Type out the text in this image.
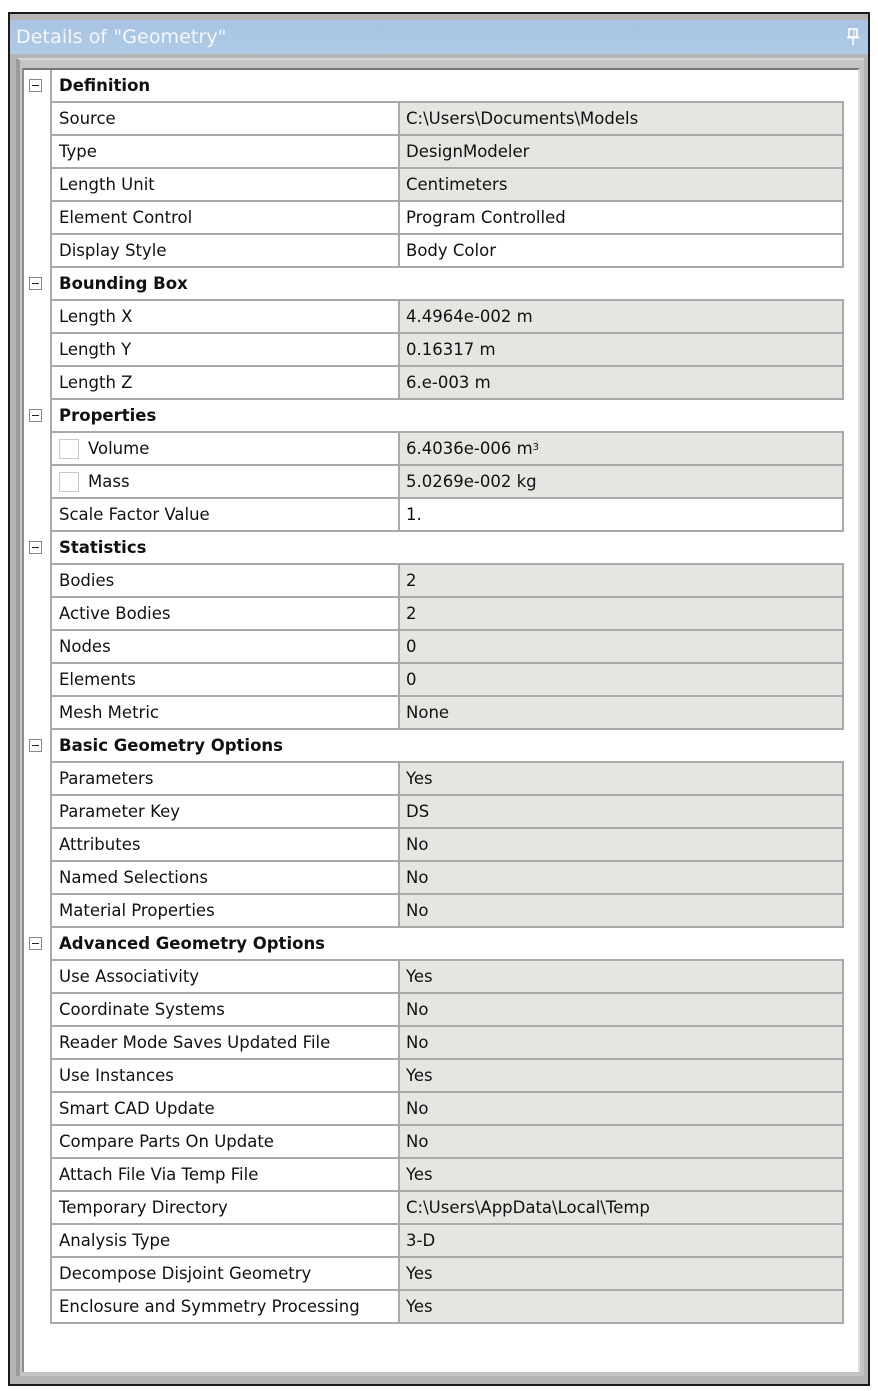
Details of "Geometry"
Definition
Source	C:\Users\Documents\Models
Type	DesignModeler
Length Unit	Centimeters
Element Control	Program Controlled
Display Style	Body Color
Bounding Box
Length X	4.4964e-002 m
Length Y	0.16317 m
Length Z	6.e-003 m
Properties
Volume	6.4036e-006 $m^3$
Mass	5.0269e-002 kg
Scale Factor Value	1.
Statistics
Bodies	2
Active Bodies	2
Nodes	0
Elements	0
Mesh Metric	None
Basic Geometry Options
Parameters	Yes
Parameter Key	DS
Attributes	No
Named Selections	No
Material Properties	No
Advanced Geometry Options
Use Associativity	Yes
Coordinate Systems	No
Reader Mode Saves Updated File	No
Use Instances	Yes
Smart CAD Update	No
Compare Parts On Update	No
Attach File Via Temp File	Yes
Temporary Directory	C:\Users\AppData\Local\Temp
Analysis Type	3-D
Decompose Disjoint Geometry	Yes
Enclosure and Symmetry Processing	Yes
